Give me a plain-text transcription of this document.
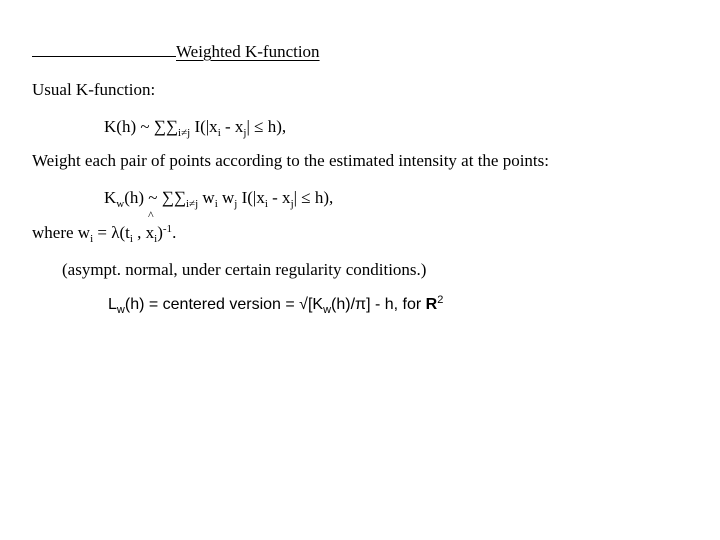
Weighted K-function
Usual K-function:
K(h) ~ $\sum\sum_{i\ne j}$ $I(|x_i - x_j| \le h)$,
Weight each pair of points according to the estimated intensity at the points:
$K_w(h)$ ~ $\sum\sum_{i\ne j}$ $w_i$ $w_j$ $I(|x_i - x_j| \le h)$,
^
where $w_i = \lambda(t_i$ , $x_i)^{-1}$.
(asympt. normal, under certain regularity conditions.)
$L_w(h)$ = centered version = $√[K_w(h)/\pi]$ - h, for $R^2$
